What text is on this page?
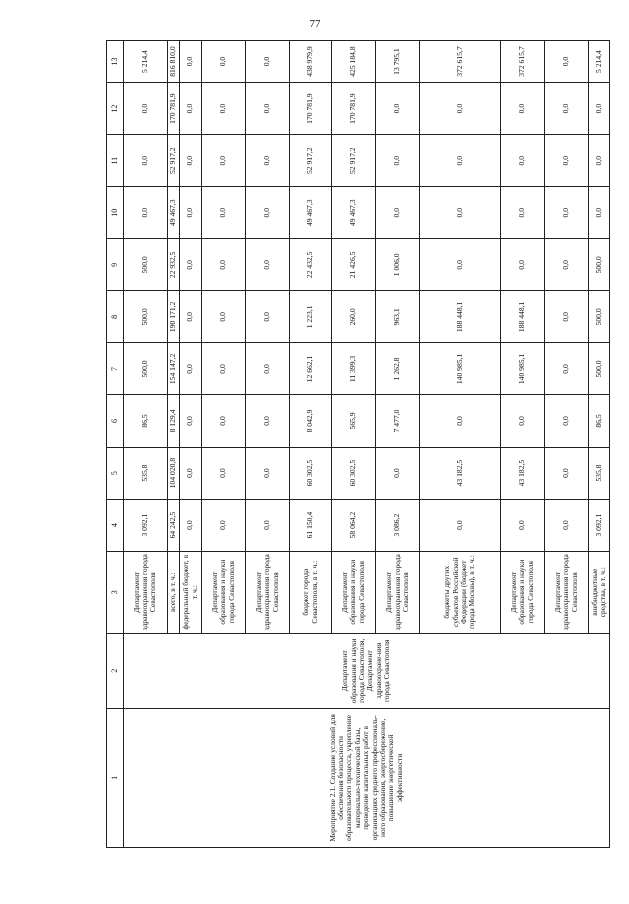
77
1	2	3	4	5	6	7	8	9	10	11	12	13
Мероприятие 2.1. Создание условий для обеспечения безопасности образовательного процесса, укрепление материально-технической базы, проведение капитальных работ в организациях среднего профессиональ-ного образования, энергосбережение, повышение энергетической эффективности	Департамент образования и науки города Севастополя, Департамент здравоохране-ния города Севастополя	Департамент здравоохранения города Севастополя	3 092,1	535,8	86,5	500,0	500,0	500,0	0,0	0,0	0,0	5 214,4
		всего, в т. ч.:	64 242,5	104 020,8	8 129,4	154 147,2	190 171,2	22 932,5	49 467,3	52 917,2	170 781,9	816 810,0
		федеральный бюджет, в т. ч.:	0,0	0,0	0,0	0,0	0,0	0,0	0,0	0,0	0,0	0,0
		Департамент образования и науки города Севастополя	0,0	0,0	0,0	0,0	0,0	0,0	0,0	0,0	0,0	0,0
		Департамент здравоохранения города Севастополя	0,0	0,0	0,0	0,0	0,0	0,0	0,0	0,0	0,0	0,0
		бюджет города Севастополя, в т. ч.:	61 150,4	60 302,5	8 042,9	12 662,1	1 223,1	22 432,5	49 467,3	52 917,2	170 781,9	438 979,9
		Департамент образования и науки города Севастополя	58 064,2	60 302,5	565,9	11 399,3	260,0	21 426,5	49 467,3	52 917,2	170 781,9	425 184,8
		Департамент здравоохранения города Севастополя	3 086,2	0,0	7 477,0	1 262,8	963,1	1 006,0	0,0	0,0	0,0	13 795,1
		бюджеты других субъектов Российской Федерации (бюджет города Москвы), в т. ч.:	0,0	43 182,5	0,0	140 985,1	188 448,1	0,0	0,0	0,0	0,0	372 615,7
		Департамент образования и науки города Севастополя	0,0	43 182,5	0,0	140 985,1	188 448,1	0,0	0,0	0,0	0,0	372 615,7
		Департамент здравоохранения города Севастополя	0,0	0,0	0,0	0,0	0,0	0,0	0,0	0,0	0,0	0,0
		внебюджетные средства, в т. ч.:	3 092,1	535,8	86,5	500,0	500,0	500,0	0,0	0,0	0,0	5 214,4
